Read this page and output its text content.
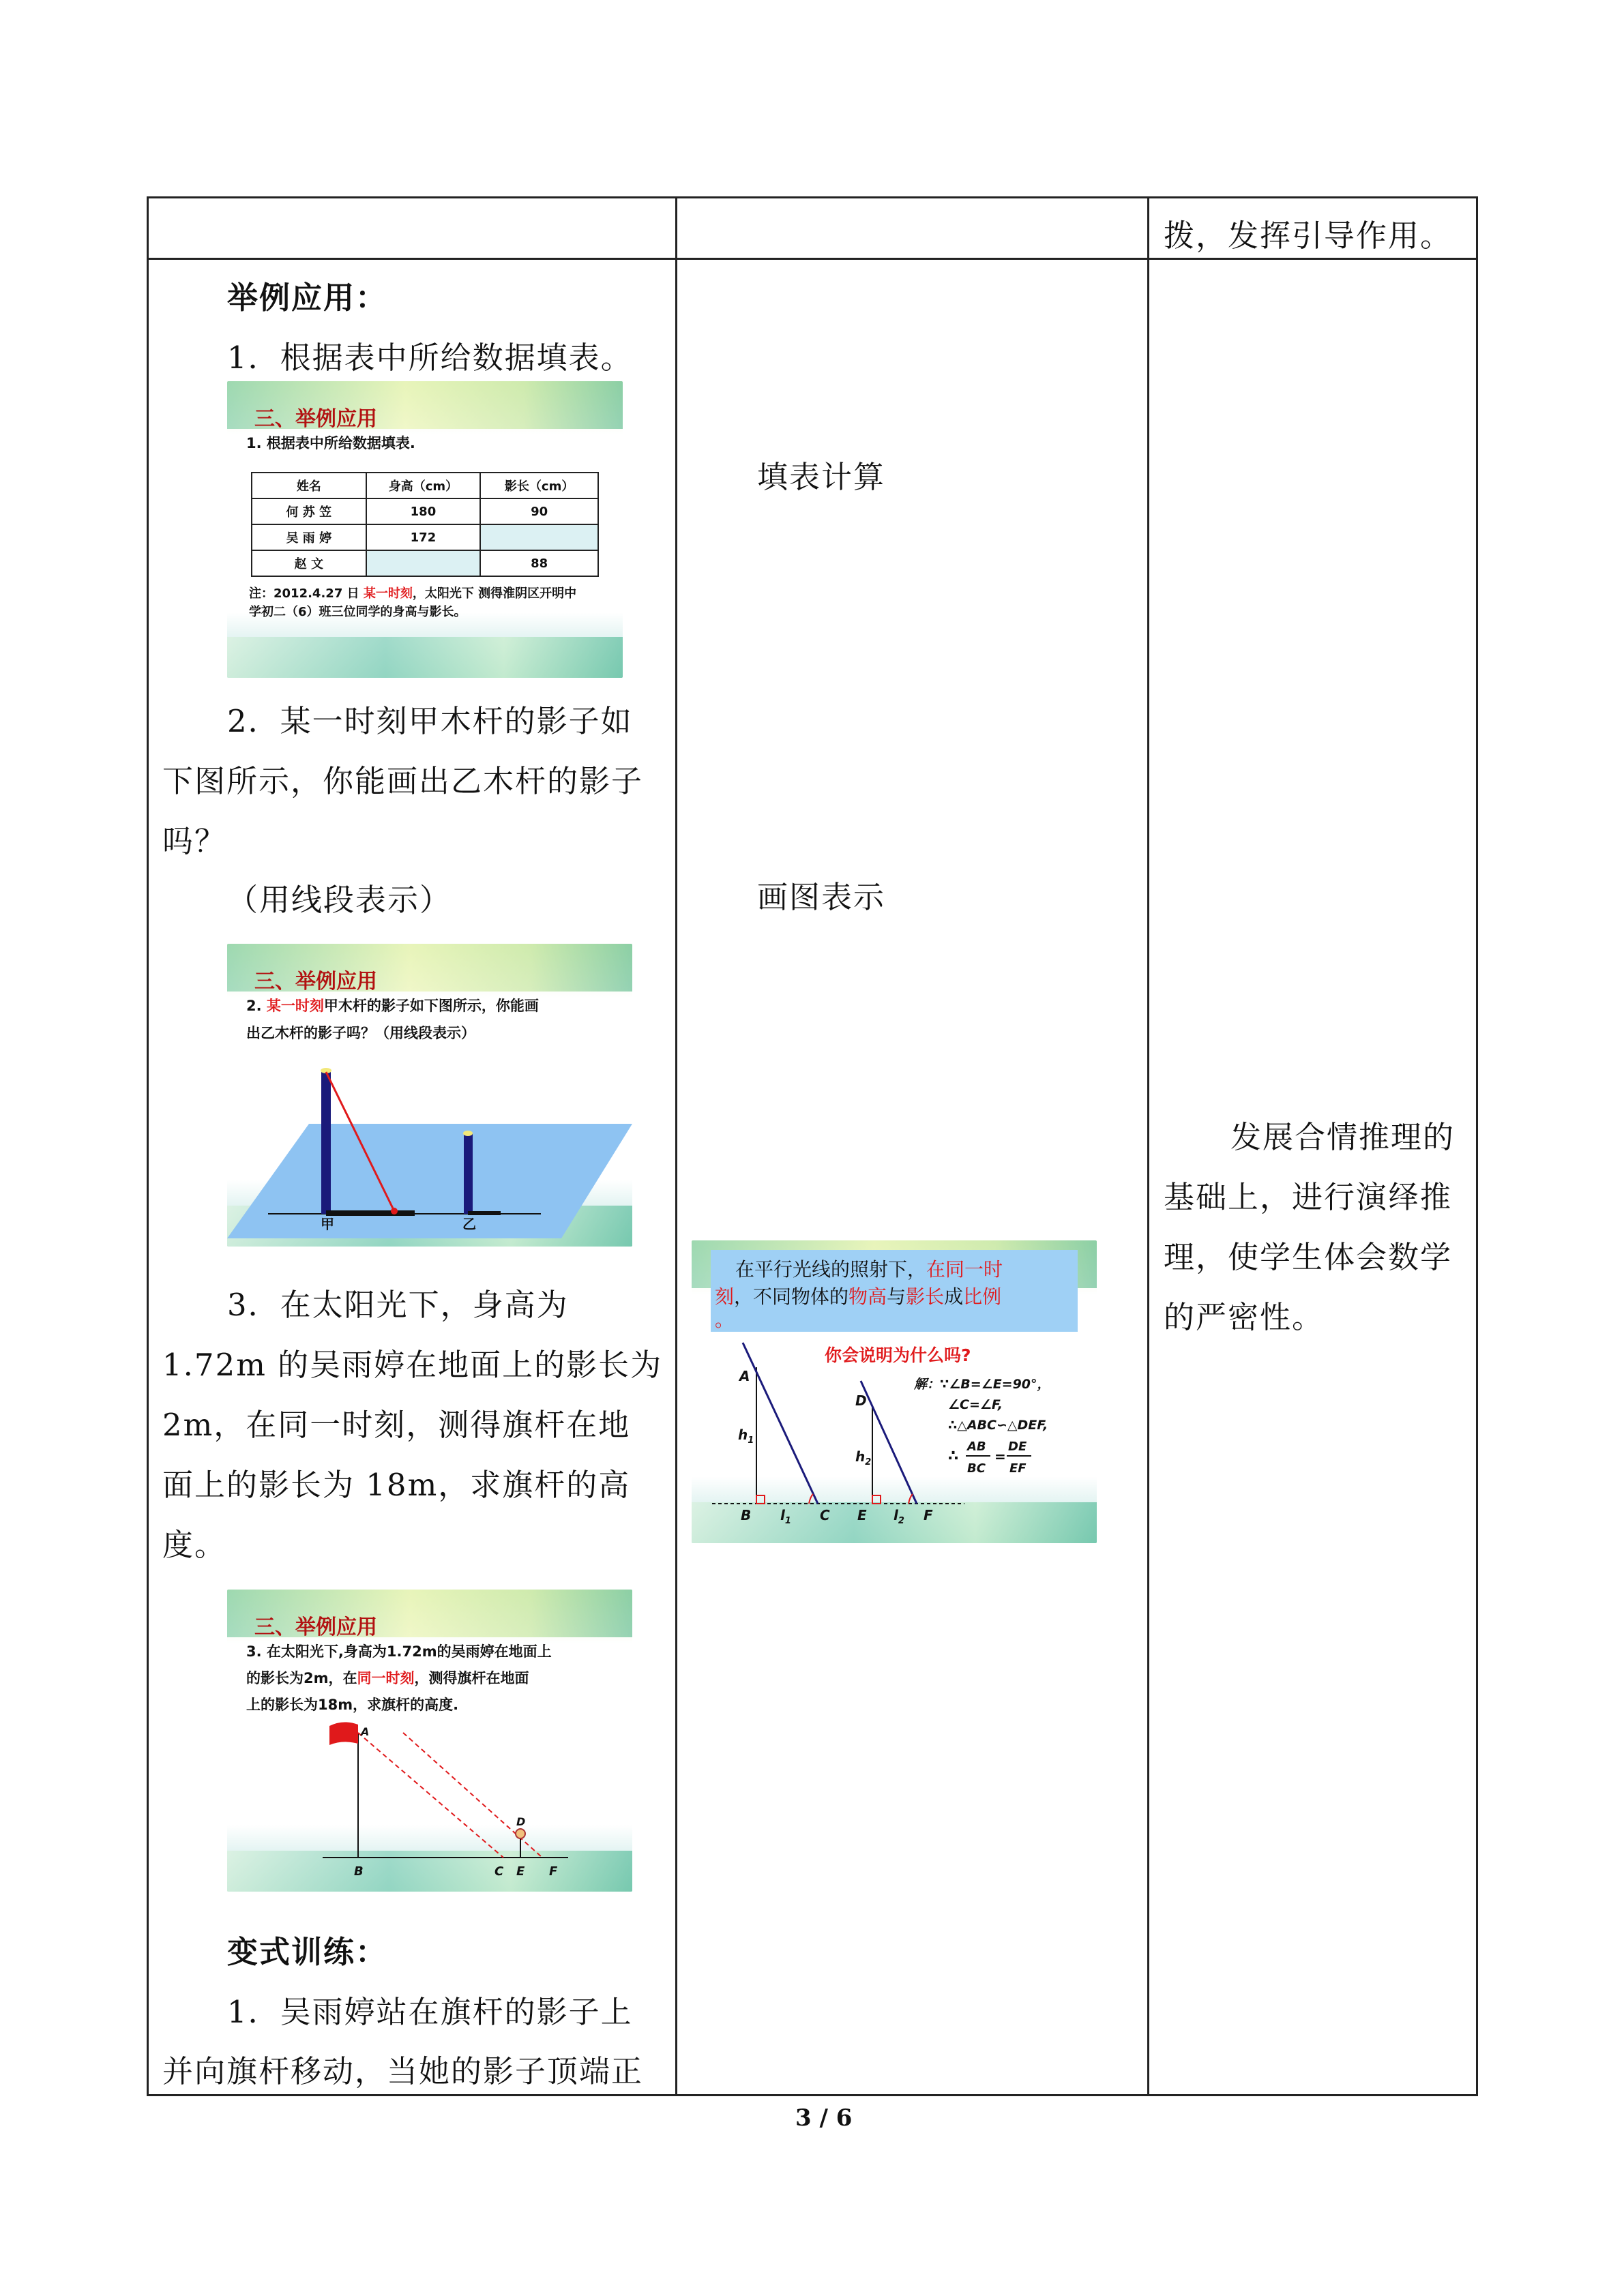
拨，发挥引导作用。
举例应用：
1．根据表中所给数据填表。
三、举例应用
1. 根据表中所给数据填表.
姓名	身高（cm）	影长（cm）
何 苏 笠	180	90
吴 雨 婷	172	
赵 文		88
注：2012.4.27 日 某一时刻，太阳光下 测得淮阴区开明中
学初二（6）班三位同学的身高与影长。
2．某一时刻甲木杆的影子如
下图所示，你能画出乙木杆的影子
吗？
（用线段表示）
三、举例应用
2. 某一时刻甲木杆的影子如下图所示，你能画
出乙木杆的影子吗？（用线段表示）
甲	乙
3．在太阳光下，身高为
1.72m 的吴雨婷在地面上的影长为
2m，在同一时刻，测得旗杆在地
面上的影长为 18m，求旗杆的高
度。
三、举例应用
3. 在太阳光下,身高为1.72m的吴雨婷在地面上
的影长为2m，在同一时刻，测得旗杆在地面
上的影长为18m，求旗杆的高度.
A
B	C
D
E F
变式训练：
1．吴雨婷站在旗杆的影子上
并向旗杆移动，当她的影子顶端正
填表计算
画图表示
在平行光线的照射下，在同一时
刻，不同物体的物高与影长成比例
。
你会说明为什么吗?
A
$h_1$
B $l_1$ C
D
$h_2$
E $l_2$ F
解：∵∠B=∠E=90°，
∠C=∠F,
∴△ABC∽△DEF,
∴
AB
BC
=
DE
EF
发展合情推理的
基础上，进行演绎推
理，使学生体会数学
的严密性。
3 / 6
